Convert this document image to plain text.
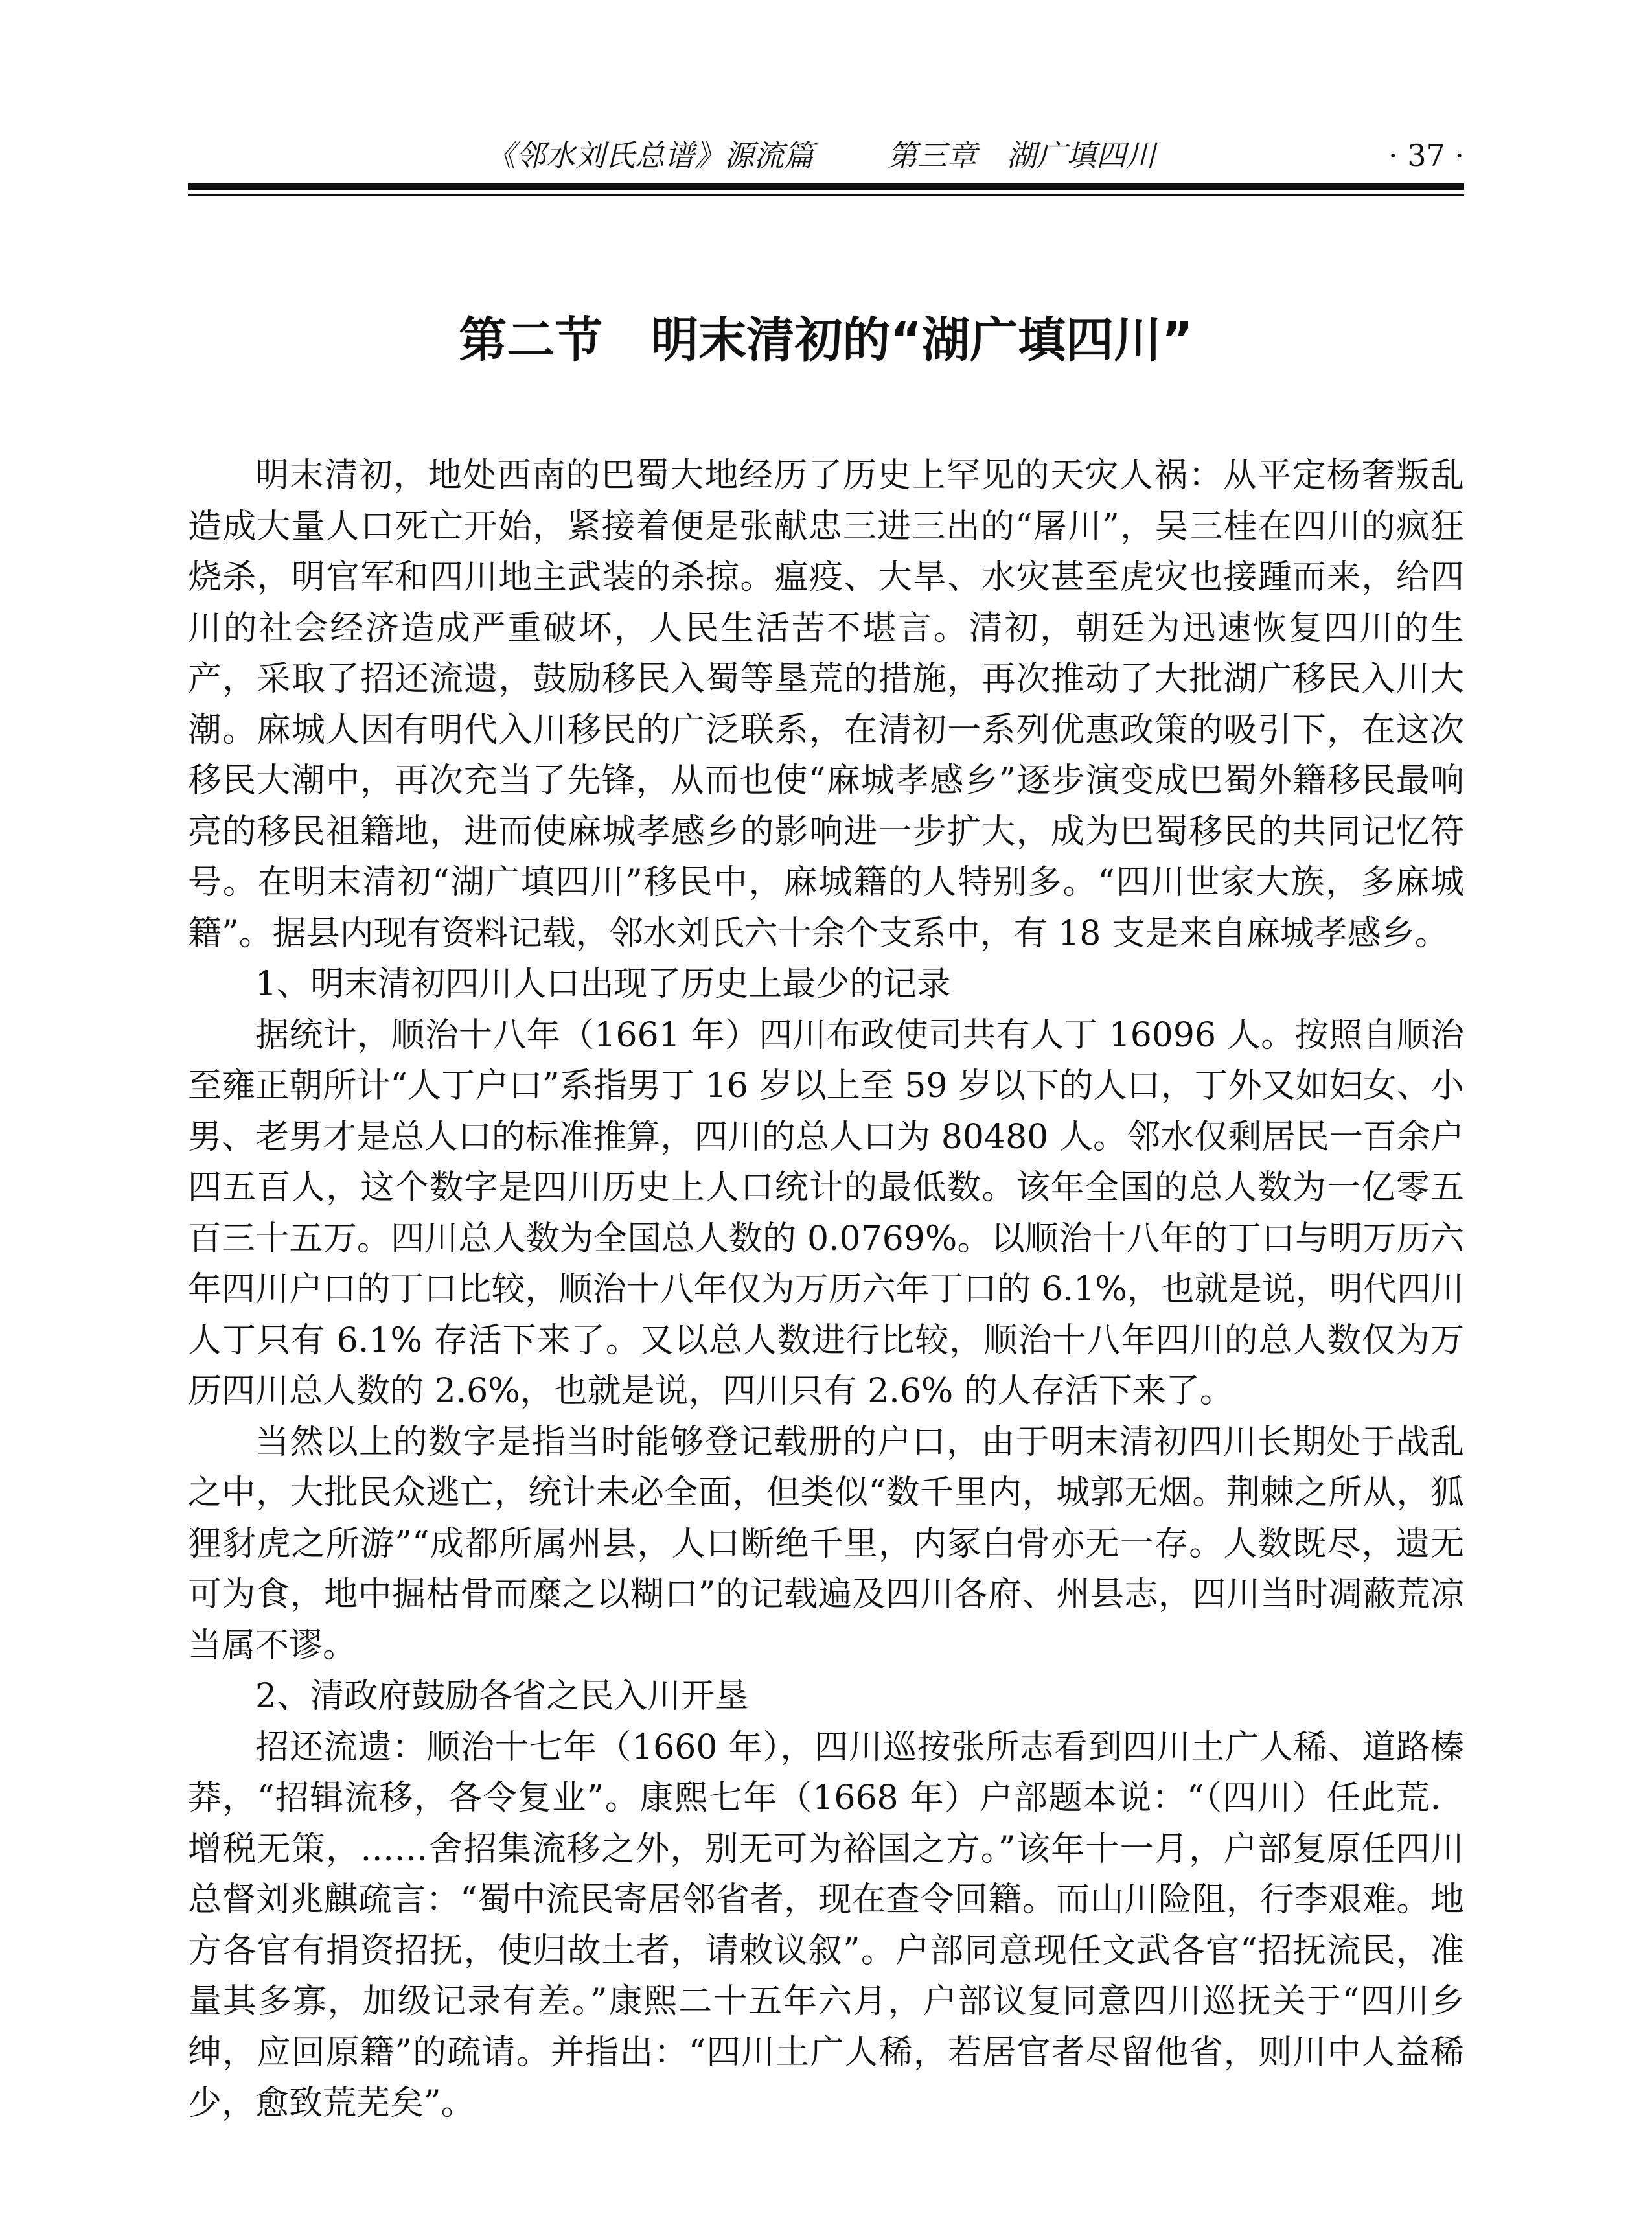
《邻水刘氏总谱》源流篇 第三章　湖广填四川	· 37 ·
第二节　明末清初的“湖广填四川”

明末清初，地处西南的巴蜀大地经历了历史上罕见的天灾人祸：从平定杨奢叛乱造成大量人口死亡开始，紧接着便是张献忠三进三出的“屠川”，吴三桂在四川的疯狂烧杀，明官军和四川地主武装的杀掠。瘟疫、大旱、水灾甚至虎灾也接踵而来，给四川的社会经济造成严重破坏，人民生活苦不堪言。清初，朝廷为迅速恢复四川的生产，采取了招还流遗，鼓励移民入蜀等垦荒的措施，再次推动了大批湖广移民入川大潮。麻城人因有明代入川移民的广泛联系，在清初一系列优惠政策的吸引下，在这次移民大潮中，再次充当了先锋，从而也使“麻城孝感乡”逐步演变成巴蜀外籍移民最响亮的移民祖籍地，进而使麻城孝感乡的影响进一步扩大，成为巴蜀移民的共同记忆符号。在明末清初“湖广填四川”移民中，麻城籍的人特别多。“四川世家大族，多麻城籍”。据县内现有资料记载，邻水刘氏六十余个支系中，有 18 支是来自麻城孝感乡。

1、明末清初四川人口出现了历史上最少的记录

据统计，顺治十八年（1661 年）四川布政使司共有人丁 16096 人。按照自顺治至雍正朝所计“人丁户口”系指男丁 16 岁以上至 59 岁以下的人口，丁外又如妇女、小男、老男才是总人口的标准推算，四川的总人口为 80480 人。邻水仅剩居民一百余户四五百人，这个数字是四川历史上人口统计的最低数。该年全国的总人数为一亿零五百三十五万。四川总人数为全国总人数的 0.0769%。以顺治十八年的丁口与明万历六年四川户口的丁口比较，顺治十八年仅为万历六年丁口的 6.1%，也就是说，明代四川人丁只有 6.1% 存活下来了。又以总人数进行比较，顺治十八年四川的总人数仅为万历四川总人数的 2.6%，也就是说，四川只有 2.6% 的人存活下来了。

当然以上的数字是指当时能够登记载册的户口，由于明末清初四川长期处于战乱之中，大批民众逃亡，统计未必全面，但类似“数千里内，城郭无烟。荆棘之所从，狐狸豺虎之所游”“成都所属州县，人口断绝千里，内冢白骨亦无一存。人数既尽，遗无可为食，地中掘枯骨而糜之以糊口”的记载遍及四川各府、州县志，四川当时凋蔽荒凉当属不谬。

2、清政府鼓励各省之民入川开垦

招还流遗：顺治十七年（1660 年），四川巡按张所志看到四川土广人稀、道路榛莽，“招辑流移，各令复业”。康熙七年（1668 年）户部题本说：“（四川）任此荒．增税无策，……舍招集流移之外，别无可为裕国之方。”该年十一月，户部复原任四川总督刘兆麒疏言：“蜀中流民寄居邻省者，现在查令回籍。而山川险阻，行李艰难。地方各官有捐资招抚，使归故土者，请敕议叙”。户部同意现任文武各官“招抚流民，准量其多寡，加级记录有差。”康熙二十五年六月，户部议复同意四川巡抚关于“四川乡绅，应回原籍”的疏请。并指出：“四川土广人稀，若居官者尽留他省，则川中人益稀少，愈致荒芜矣”。
